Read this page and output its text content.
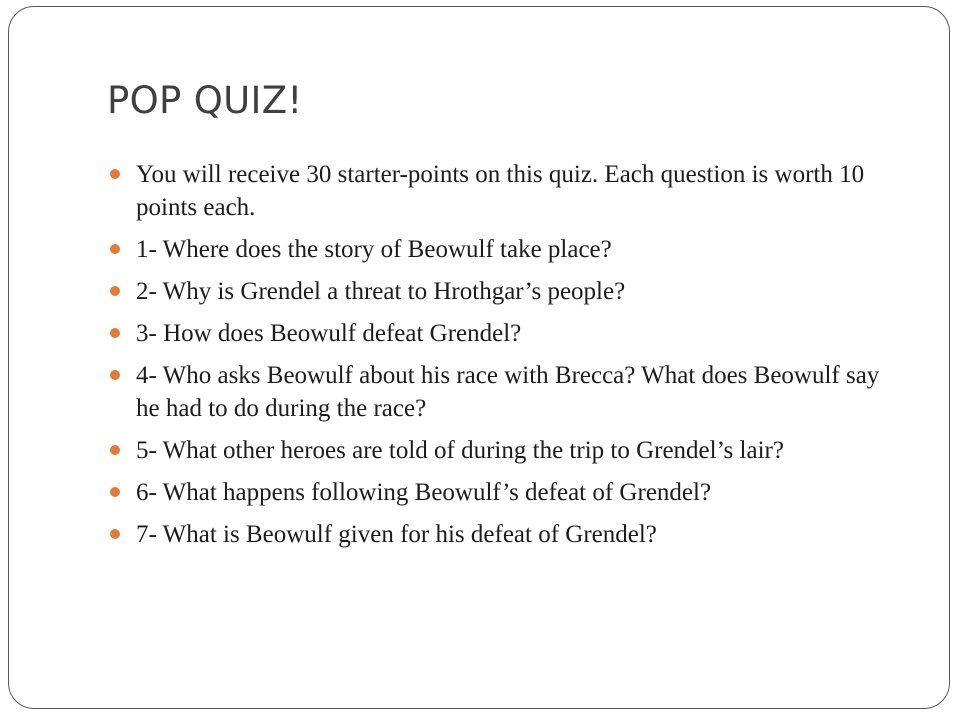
POP QUIZ!
You will receive 30 starter-points on this quiz. Each question is worth 10 points each.
1- Where does the story of Beowulf take place?
2- Why is Grendel a threat to Hrothgar’s people?
3- How does Beowulf defeat Grendel?
4- Who asks Beowulf about his race with Brecca? What does Beowulf say he had to do during the race?
5- What other heroes are told of during the trip to Grendel’s lair?
6- What happens following Beowulf’s defeat of Grendel?
7- What is Beowulf given for his defeat of Grendel?
